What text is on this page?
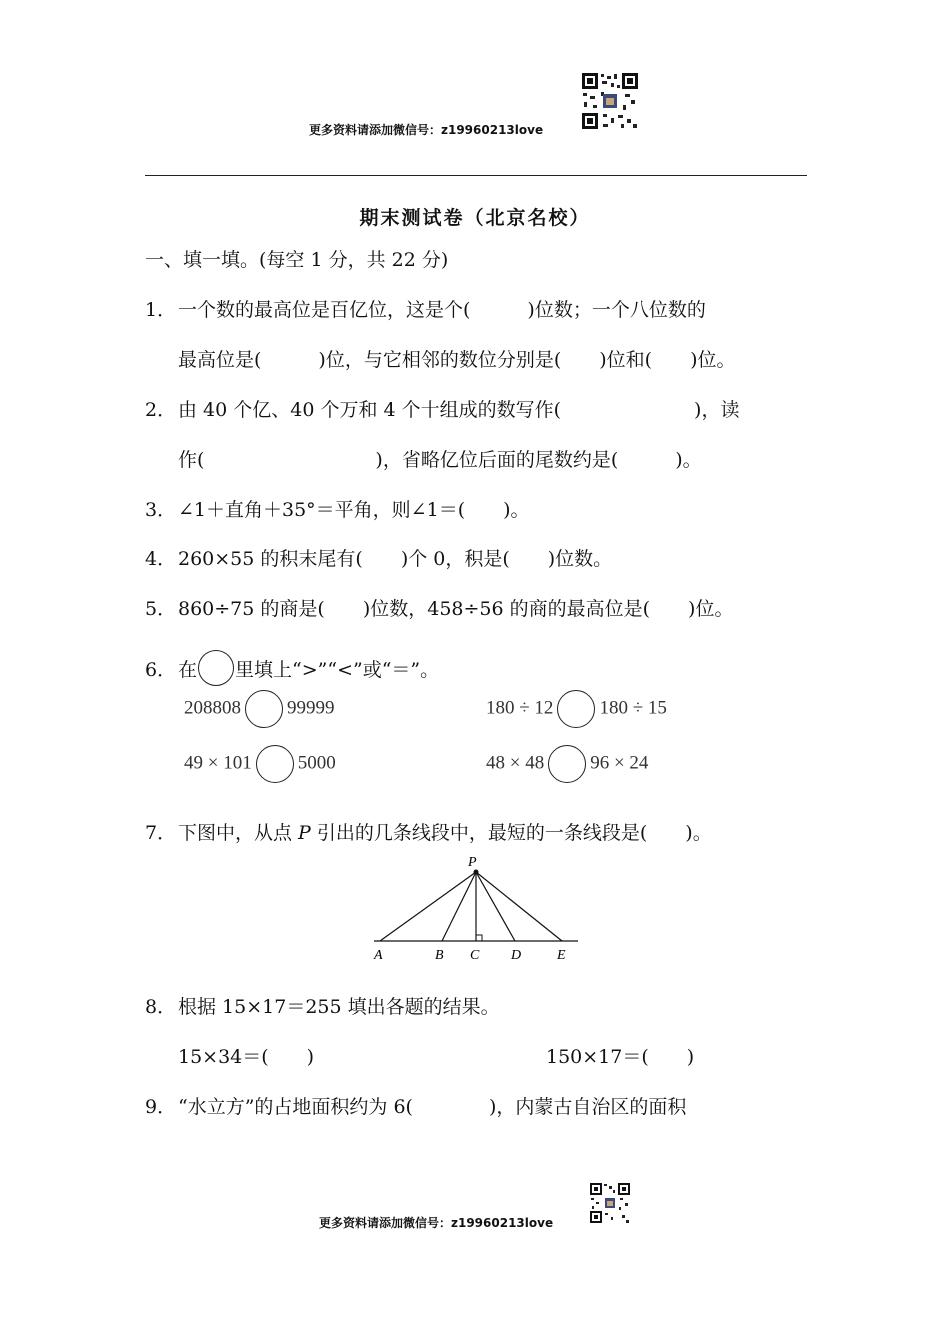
更多资料请添加微信号：z19960213love
期末测试卷（北京名校）
一、填一填。(每空 1 分，共 22 分)
1． 一个数的最高位是百亿位，这是个(　　　)位数；一个八位数的
最高位是(　　　)位，与它相邻的数位分别是(　　)位和(　　)位。
2． 由 40 个亿、40 个万和 4 个十组成的数写作(　　　　　　　)，读
作(　　　　　　　　　)，省略亿位后面的尾数约是(　　　)。
3． ∠1＋直角＋35°＝平角，则∠1＝(　　)。
4． 260×55 的积末尾有(　　)个 0，积是(　　)位数。
5． 860÷75 的商是(　　)位数，458÷56 的商的最高位是(　　)位。
6． 在 里填上“>”“<”或“＝”。
208808 99999	180 ÷ 12 180 ÷ 15
49 × 101 5000	48 × 48 96 × 24
7． 下图中，从点 P 引出的几条线段中，最短的一条线段是(　　)。
P
A	B C D	E
8． 根据 15×17＝255 填出各题的结果。
15×34＝(　　)	150×17＝(　　)
9． “水立方”的占地面积约为 6(　　　　)，内蒙古自治区的面积
更多资料请添加微信号：z19960213love
